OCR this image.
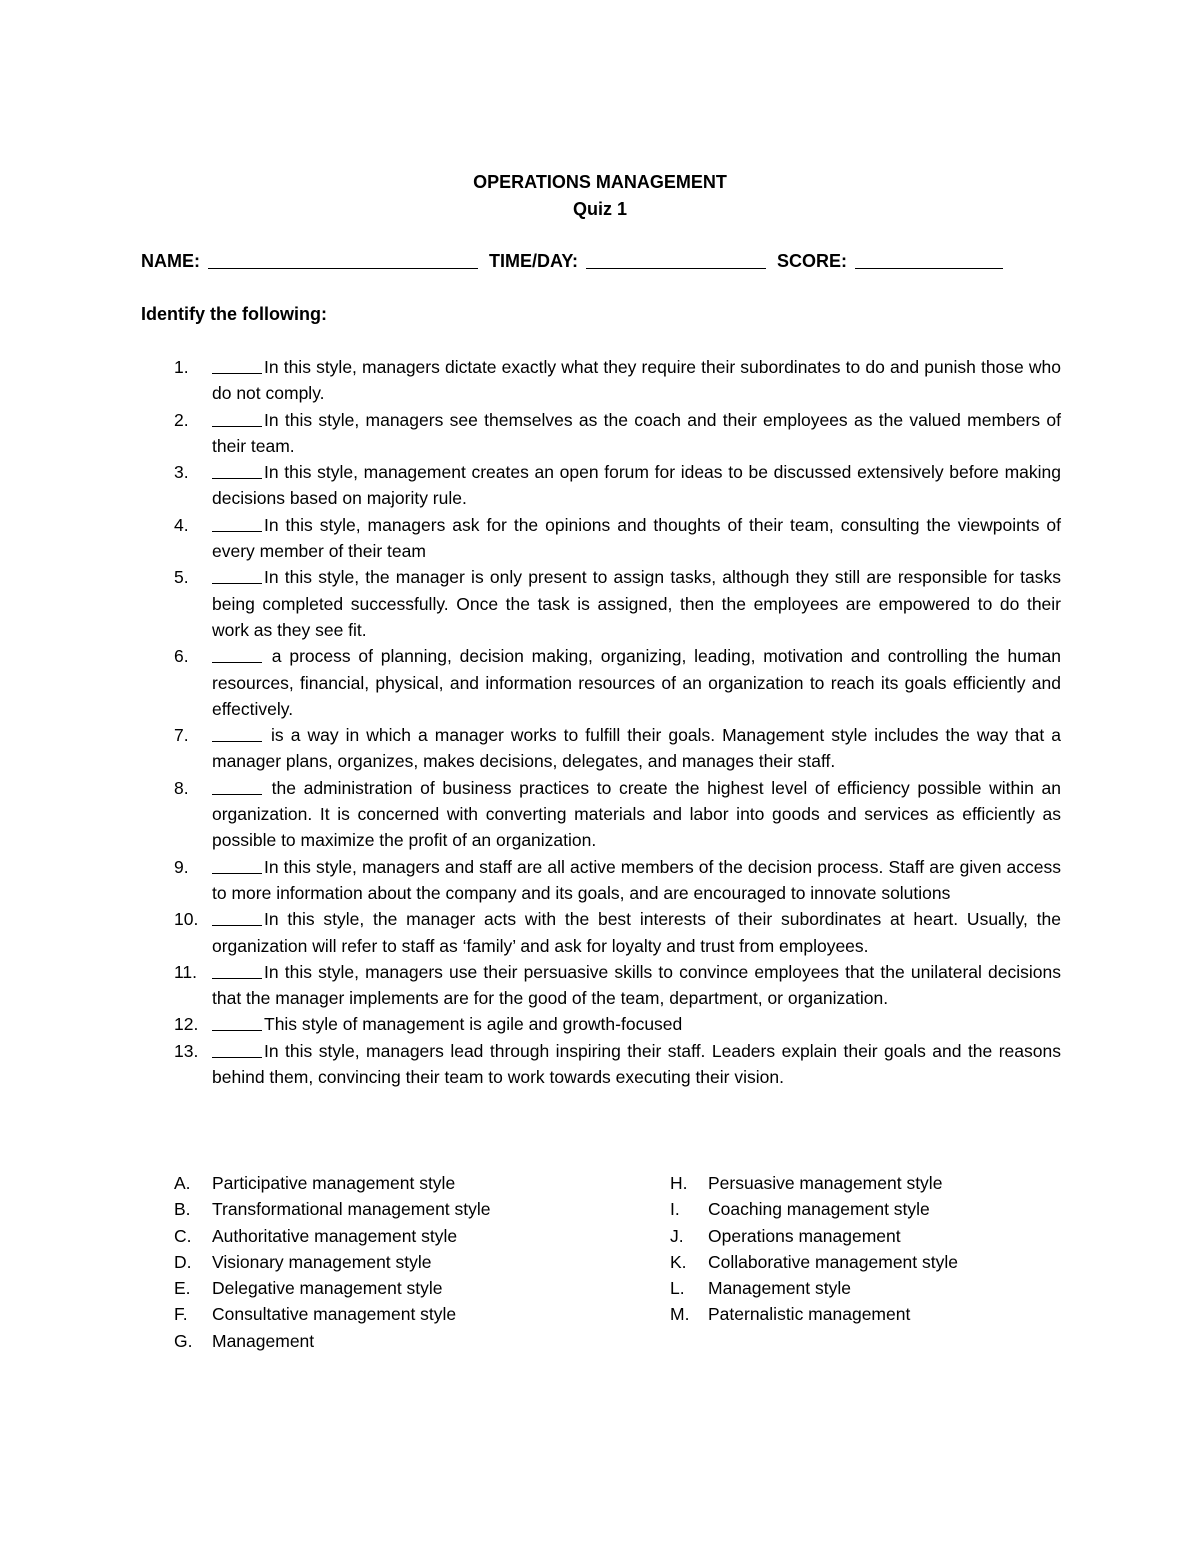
OPERATIONS MANAGEMENT
Quiz 1
NAME:	TIME/DAY:	SCORE:
Identify the following:
1.	In this style, managers dictate exactly what they require their subordinates to do and punish those who do not comply.
2.	In this style, managers see themselves as the coach and their employees as the valued members of their team.
3.	In this style, management creates an open forum for ideas to be discussed extensively before making decisions based on majority rule.
4.	In this style, managers ask for the opinions and thoughts of their team, consulting the viewpoints of every member of their team
5.	In this style, the manager is only present to assign tasks, although they still are responsible for tasks being completed successfully. Once the task is assigned, then the employees are empowered to do their work as they see fit.
6.	a process of planning, decision making, organizing, leading, motivation and controlling the human resources, financial, physical, and information resources of an organization to reach its goals efficiently and effectively.
7.	is a way in which a manager works to fulfill their goals. Management style includes the way that a manager plans, organizes, makes decisions, delegates, and manages their staff.
8.	the administration of business practices to create the highest level of efficiency possible within an organization. It is concerned with converting materials and labor into goods and services as efficiently as possible to maximize the profit of an organization.
9.	In this style, managers and staff are all active members of the decision process. Staff are given access to more information about the company and its goals, and are encouraged to innovate solutions
10.	In this style, the manager acts with the best interests of their subordinates at heart. Usually, the organization will refer to staff as ‘family’ and ask for loyalty and trust from employees.
11.	In this style, managers use their persuasive skills to convince employees that the unilateral decisions that the manager implements are for the good of the team, department, or organization.
12.	This style of management is agile and growth-focused
13.	In this style, managers lead through inspiring their staff. Leaders explain their goals and the reasons behind them, convincing their team to work towards executing their vision.
A. Participative management style
B. Transformational management style
C. Authoritative management style
D. Visionary management style
E. Delegative management style
F. Consultative management style
G. Management
H. Persuasive management style
I. Coaching management style
J. Operations management
K. Collaborative management style
L. Management style
M. Paternalistic management
